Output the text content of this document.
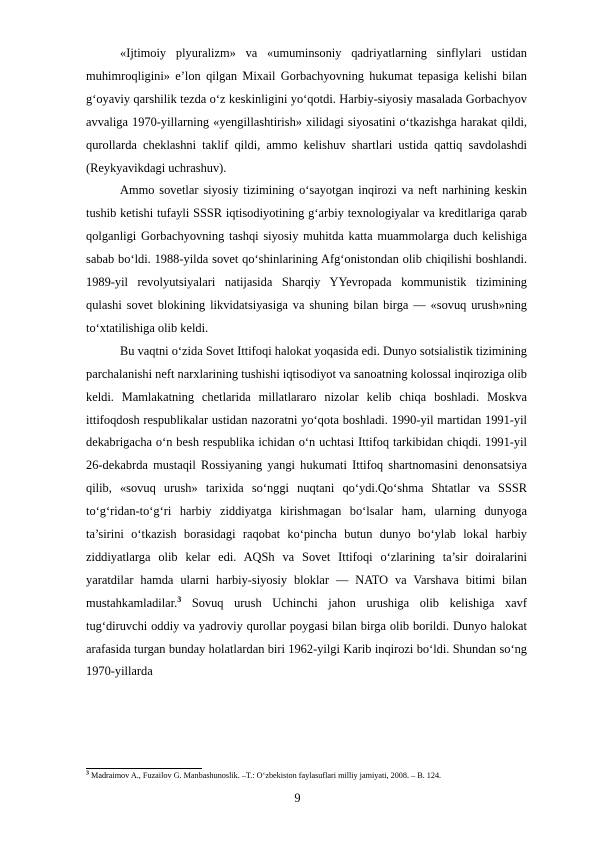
«Ijtimoiy plyuralizm» va «umuminsoniy qadriyatlarning sinflylari ustidan muhimroqligini» e’lon qilgan Mixail Gorbachyovning hukumat tepasiga kelishi bilan g‘oyaviy qarshilik tezda o‘z keskinligini yo‘qotdi. Harbiy-siyosiy masalada Gorbachyov avvaliga 1970-yillarning «yengillashtirish» xilidagi siyosatini o‘tkazishga harakat qildi, qurollarda cheklashni taklif qildi, ammo kelishuv shartlari ustida qattiq savdolashdi (Reykyavikdagi uchrashuv).

Ammo sovetlar siyosiy tizimining o‘sayotgan inqirozi va neft narhining keskin tushib ketishi tufayli SSSR iqtisodiyotining g‘arbiy texnologiyalar va kreditlariga qarab qolganligi Gorbachyovning tashqi siyosiy muhitda katta muammolarga duch kelishiga sabab bo‘ldi. 1988-yilda sovet qo‘shinlarining Afg‘onistondan olib chiqilishi boshlandi. 1989-yil revolyutsiyalari natijasida Sharqiy YYevropada kommunistik tizimining qulashi sovet blokining likvidatsiyasiga va shuning bilan birga — «sovuq urush»ning to‘xtatilishiga olib keldi.

Bu vaqtni o‘zida Sovet Ittifoqi halokat yoqasida edi. Dunyo sotsialistik tizimining parchalanishi neft narxlarining tushishi iqtisodiyot va sanoatning kolossal inqiroziga olib keldi. Mamlakatning chetlarida millatlararo nizolar kelib chiqa boshladi. Moskva ittifoqdosh respublikalar ustidan nazoratni yo‘qota boshladi. 1990-yil martidan 1991-yil dekabrigacha o‘n besh respublika ichidan o‘n uchtasi Ittifoq tarkibidan chiqdi. 1991-yil 26-dekabrda mustaqil Rossiyaning yangi hukumati Ittifoq shartnomasini denonsatsiya qilib, «sovuq urush» tarixida so‘nggi nuqtani qo‘ydi.Qo‘shma Shtatlar va SSSR to‘g‘ridan-to‘g‘ri harbiy ziddiyatga kirishmagan bo‘lsalar ham, ularning dunyoga ta’sirini o‘tkazish borasidagi raqobat ko‘pincha butun dunyo bo‘ylab lokal harbiy ziddiyatlarga olib kelar edi. AQSh va Sovet Ittifoqi o‘zlarining ta’sir doiralarini yaratdilar hamda ularni harbiy-siyosiy bloklar — NATO va Varshava bitimi bilan mustahkamladilar.$^3$ Sovuq urush Uchinchi jahon urushiga olib kelishiga xavf tug‘diruvchi oddiy va yadroviy qurollar poygasi bilan birga olib borildi. Dunyo halokat arafasida turgan bunday holatlardan biri 1962-yilgi Karib inqirozi bo‘ldi. Shundan so‘ng 1970-yillarda

$^3$ Madraimov A., Fuzailov G. Manbashunoslik. –T.: O‘zbekiston faylasuflari milliy jamiyati, 2008. – B. 124.

9
